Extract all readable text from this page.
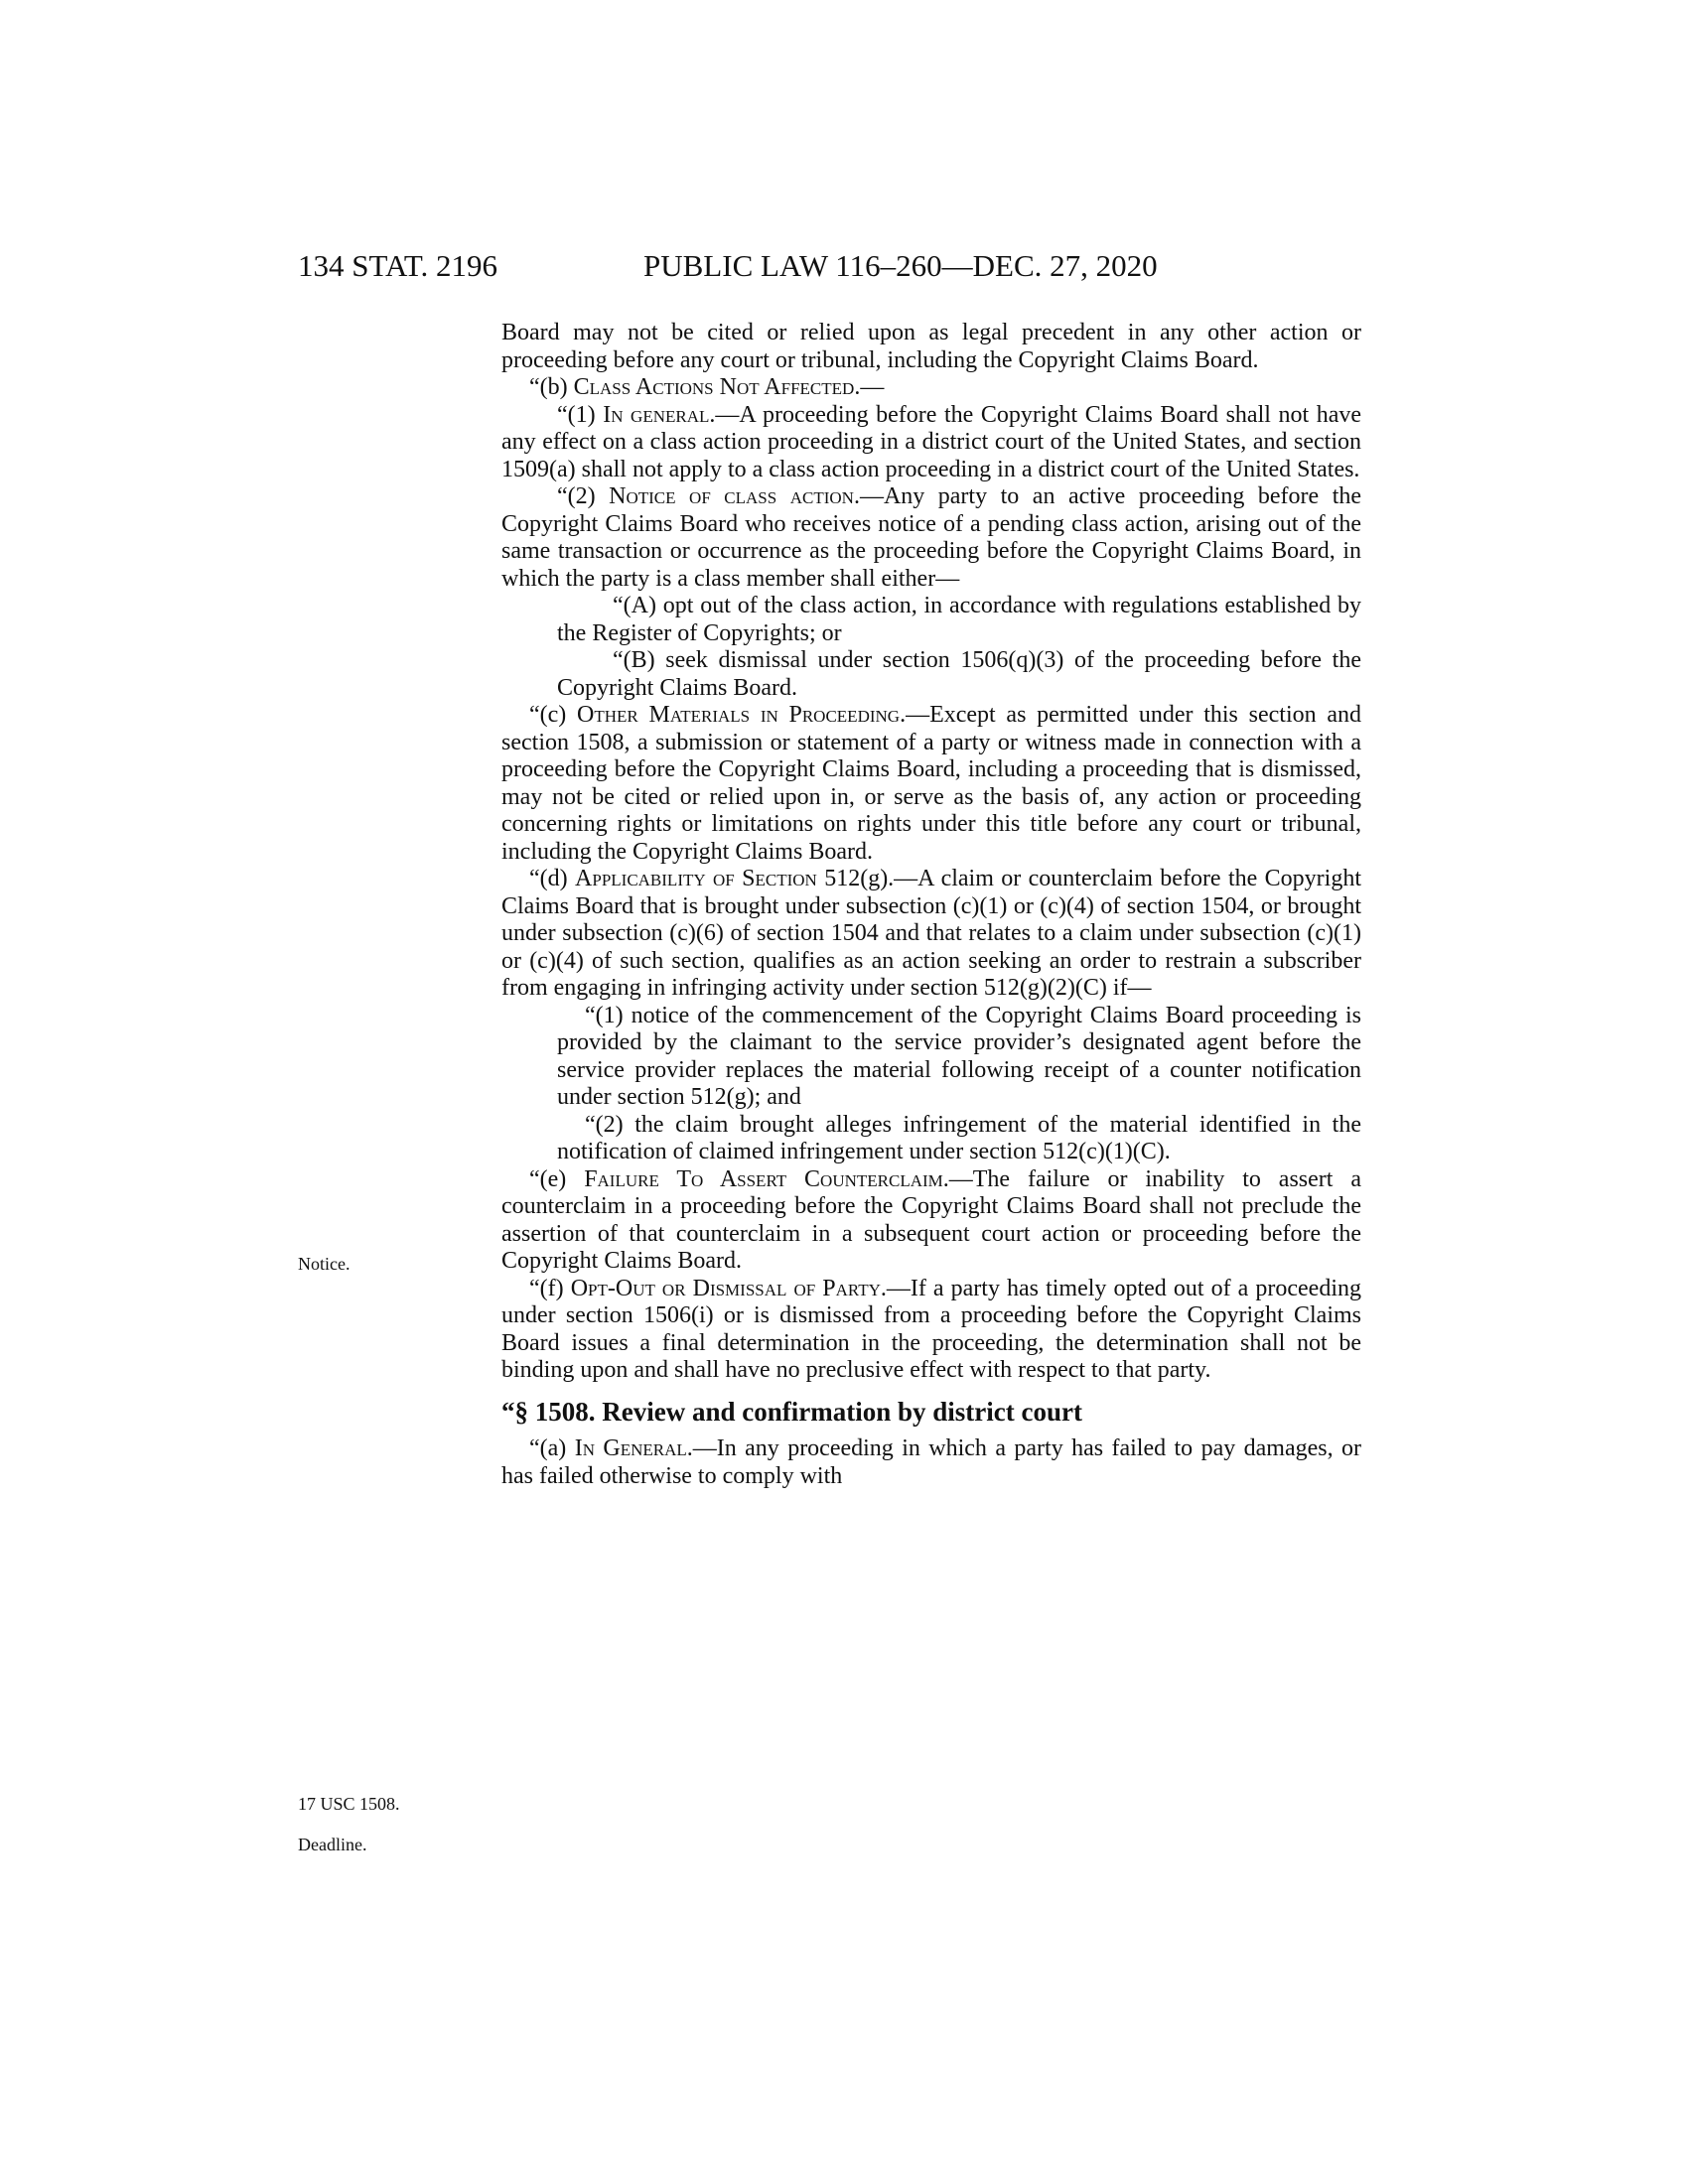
134 STAT. 2196	PUBLIC LAW 116–260—DEC. 27, 2020
Notice.
17 USC 1508.
Deadline.

Board may not be cited or relied upon as legal precedent in any other action or proceeding before any court or tribunal, including the Copyright Claims Board.

“(b) Class Actions Not Affected.—

“(1) In general.—A proceeding before the Copyright Claims Board shall not have any effect on a class action proceeding in a district court of the United States, and section 1509(a) shall not apply to a class action proceeding in a district court of the United States.

“(2) Notice of class action.—Any party to an active proceeding before the Copyright Claims Board who receives notice of a pending class action, arising out of the same transaction or occurrence as the proceeding before the Copyright Claims Board, in which the party is a class member shall either—

“(A) opt out of the class action, in accordance with regulations established by the Register of Copyrights; or

“(B) seek dismissal under section 1506(q)(3) of the proceeding before the Copyright Claims Board.

“(c) Other Materials in Proceeding.—Except as permitted under this section and section 1508, a submission or statement of a party or witness made in connection with a proceeding before the Copyright Claims Board, including a proceeding that is dismissed, may not be cited or relied upon in, or serve as the basis of, any action or proceeding concerning rights or limitations on rights under this title before any court or tribunal, including the Copyright Claims Board.

“(d) Applicability of Section 512(g).—A claim or counterclaim before the Copyright Claims Board that is brought under subsection (c)(1) or (c)(4) of section 1504, or brought under subsection (c)(6) of section 1504 and that relates to a claim under subsection (c)(1) or (c)(4) of such section, qualifies as an action seeking an order to restrain a subscriber from engaging in infringing activity under section 512(g)(2)(C) if—

“(1) notice of the commencement of the Copyright Claims Board proceeding is provided by the claimant to the service provider’s designated agent before the service provider replaces the material following receipt of a counter notification under section 512(g); and

“(2) the claim brought alleges infringement of the material identified in the notification of claimed infringement under section 512(c)(1)(C).

“(e) Failure To Assert Counterclaim.—The failure or inability to assert a counterclaim in a proceeding before the Copyright Claims Board shall not preclude the assertion of that counterclaim in a subsequent court action or proceeding before the Copyright Claims Board.

“(f) Opt-Out or Dismissal of Party.—If a party has timely opted out of a proceeding under section 1506(i) or is dismissed from a proceeding before the Copyright Claims Board issues a final determination in the proceeding, the determination shall not be binding upon and shall have no preclusive effect with respect to that party.

“§ 1508. Review and confirmation by district court

“(a) In General.—In any proceeding in which a party has failed to pay damages, or has failed otherwise to comply with
